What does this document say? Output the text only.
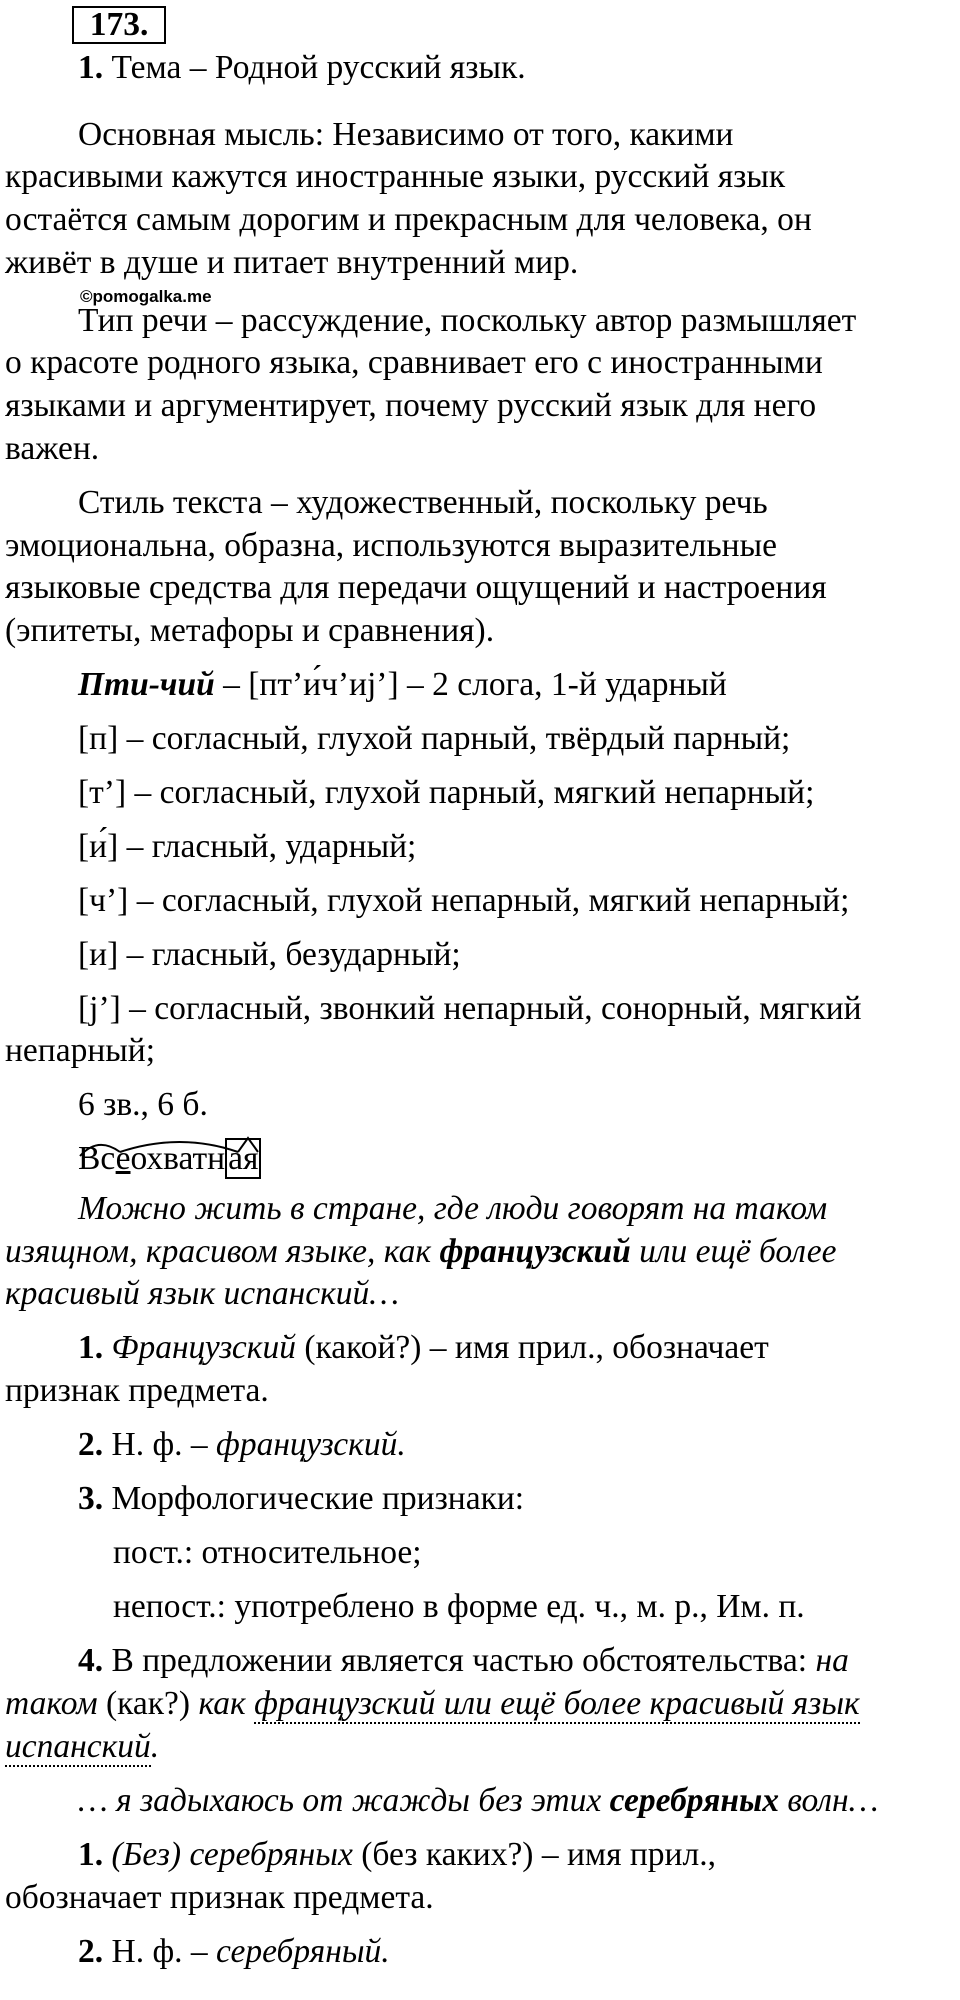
173.
1. Тема – Родной русский язык.
Основная мысль: Независимо от того, какими
красивыми кажутся иностранные языки, русский язык
остаётся самым дорогим и прекрасным для человека, он
живёт в душе и питает внутренний мир.
©pomogalka.me
Тип речи – рассуждение, поскольку автор размышляет
о красоте родного языка, сравнивает его с иностранными
языками и аргументирует, почему русский язык для него
важен.
Стиль текста – художественный, поскольку речь
эмоциональна, образна, используются выразительные
языковые средства для передачи ощущений и настроения
(эпитеты, метафоры и сравнения).
Пти-чий – [пт’и́ч’иj’] – 2 слога, 1-й ударный
[п] – согласный, глухой парный, твёрдый парный;
[т’] – согласный, глухой парный, мягкий непарный;
[и́] – гласный, ударный;
[ч’] – согласный, глухой непарный, мягкий непарный;
[и] – гласный, безударный;
[j’] – согласный, звонкий непарный, сонорный, мягкий
непарный;
6 зв., 6 б.
Всеохватная
Можно жить в стране, где люди говорят на таком
изящном, красивом языке, как французский или ещё более
красивый язык испанский…
1. Французский (какой?) – имя прил., обозначает
признак предмета.
2. Н. ф. – французский.
3. Морфологические признаки:
пост.: относительное;
непост.: употреблено в форме ед. ч., м. р., Им. п.
4. В предложении является частью обстоятельства: на
таком (как?) как французский или ещё более красивый язык
испанский.
… я задыхаюсь от жажды без этих серебряных волн…
1. (Без) серебряных (без каких?) – имя прил.,
обозначает признак предмета.
2. Н. ф. – серебряный.
